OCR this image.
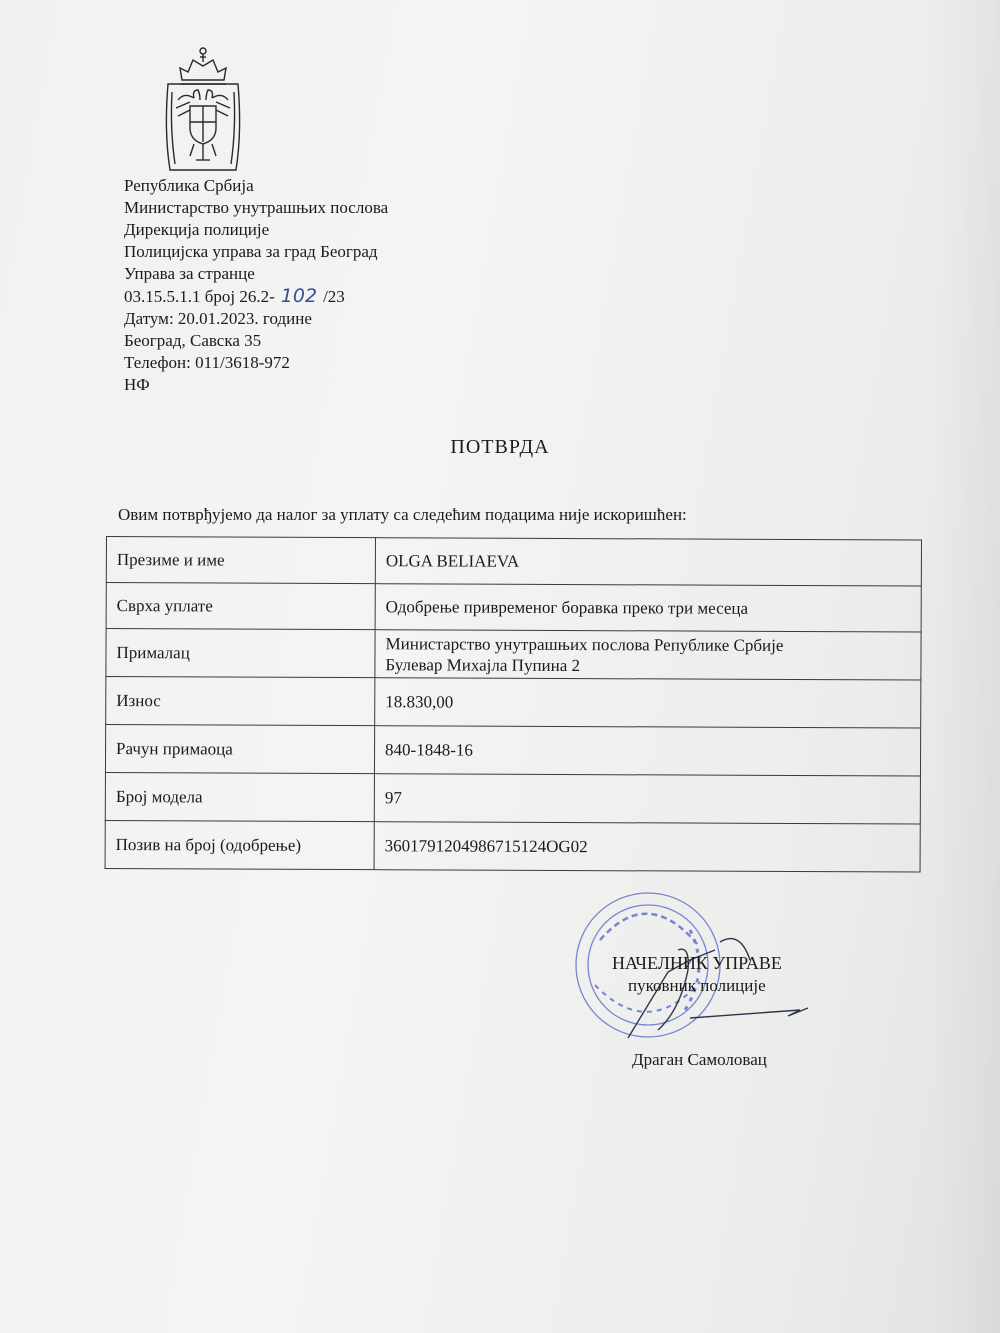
Република Србија
Министарство унутрашњих послова
Дирекција полиције
Полицијска управа за град Београд
Управа за странце
03.15.5.1.1 број 26.2- 102 /23
Датум: 20.01.2023. године
Београд, Савска 35
Телефон: 011/3618-972
НФ
ПОТВРДА
Овим потврђујемо да налог за уплату са следећим подацима није искоришћен:
Презиме и име	OLGA BELIAEVA
Сврха уплате	Одобрење привременог боравка преко три месеца
Прималац	Министарство унутрашњих послова Републике Србије
Булевар Михајла Пупина 2

Износ	18.830,00
Рачун примаоца	840-1848-16
Број модела	97
Позив на број (одобрење)	3601791204986715124OG02
НАЧЕЛНИК УПРАВЕ
пуковник полиције
Драган Самоловац
